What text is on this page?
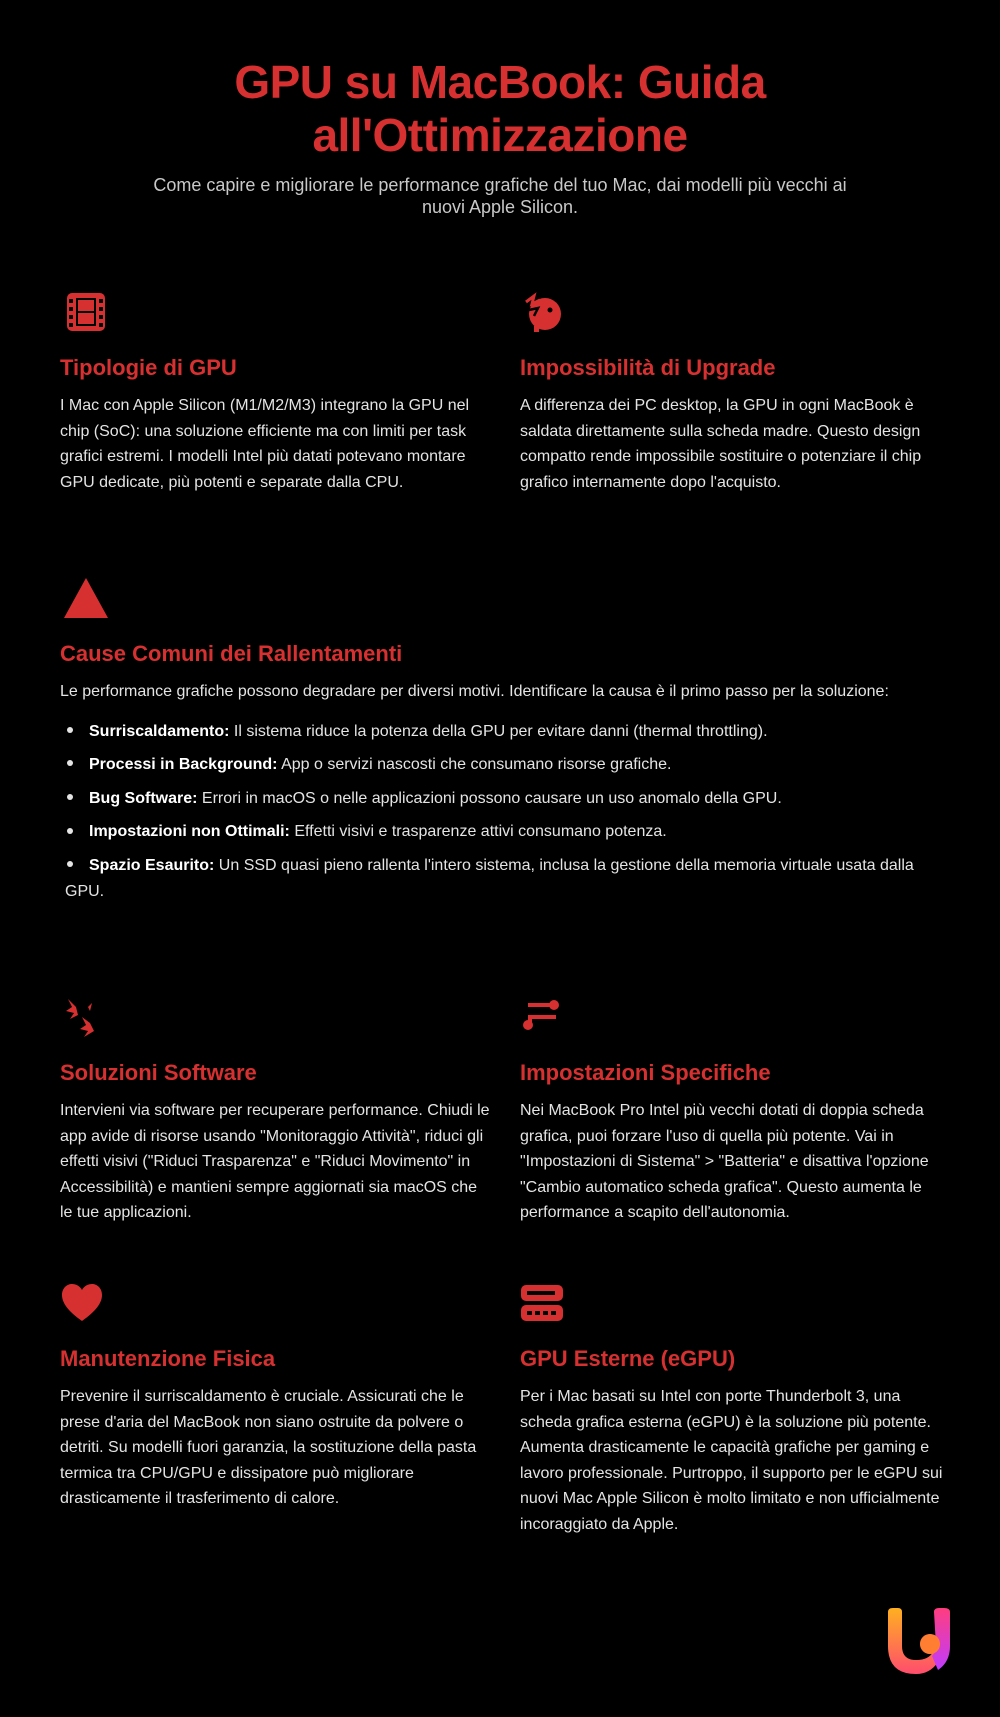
GPU su MacBook: Guida all'Ottimizzazione
Come capire e migliorare le performance grafiche del tuo Mac, dai modelli più vecchi ai nuovi Apple Silicon.
Tipologie di GPU

I Mac con Apple Silicon (M1/M2/M3) integrano la GPU nel chip (SoC): una soluzione efficiente ma con limiti per task grafici estremi. I modelli Intel più datati potevano montare GPU dedicate, più potenti e separate dalla CPU.

Impossibilità di Upgrade

A differenza dei PC desktop, la GPU in ogni MacBook è saldata direttamente sulla scheda madre. Questo design compatto rende impossibile sostituire o potenziare il chip grafico internamente dopo l'acquisto.

Cause Comuni dei Rallentamenti

Le performance grafiche possono degradare per diversi motivi. Identificare la causa è il primo passo per la soluzione:

Surriscaldamento: Il sistema riduce la potenza della GPU per evitare danni (thermal throttling).
Processi in Background: App o servizi nascosti che consumano risorse grafiche.
Bug Software: Errori in macOS o nelle applicazioni possono causare un uso anomalo della GPU.
Impostazioni non Ottimali: Effetti visivi e trasparenze attivi consumano potenza.
Spazio Esaurito: Un SSD quasi pieno rallenta l'intero sistema, inclusa la gestione della memoria virtuale usata dalla GPU.
Soluzioni Software

Intervieni via software per recuperare performance. Chiudi le app avide di risorse usando "Monitoraggio Attività", riduci gli effetti visivi ("Riduci Trasparenza" e "Riduci Movimento" in Accessibilità) e mantieni sempre aggiornati sia macOS che le tue applicazioni.

Impostazioni Specifiche

Nei MacBook Pro Intel più vecchi dotati di doppia scheda grafica, puoi forzare l'uso di quella più potente. Vai in "Impostazioni di Sistema" > "Batteria" e disattiva l'opzione "Cambio automatico scheda grafica". Questo aumenta le performance a scapito dell'autonomia.

Manutenzione Fisica

Prevenire il surriscaldamento è cruciale. Assicurati che le prese d'aria del MacBook non siano ostruite da polvere o detriti. Su modelli fuori garanzia, la sostituzione della pasta termica tra CPU/GPU e dissipatore può migliorare drasticamente il trasferimento di calore.

GPU Esterne (eGPU)

Per i Mac basati su Intel con porte Thunderbolt 3, una scheda grafica esterna (eGPU) è la soluzione più potente. Aumenta drasticamente le capacità grafiche per gaming e lavoro professionale. Purtroppo, il supporto per le eGPU sui nuovi Mac Apple Silicon è molto limitato e non ufficialmente incoraggiato da Apple.
